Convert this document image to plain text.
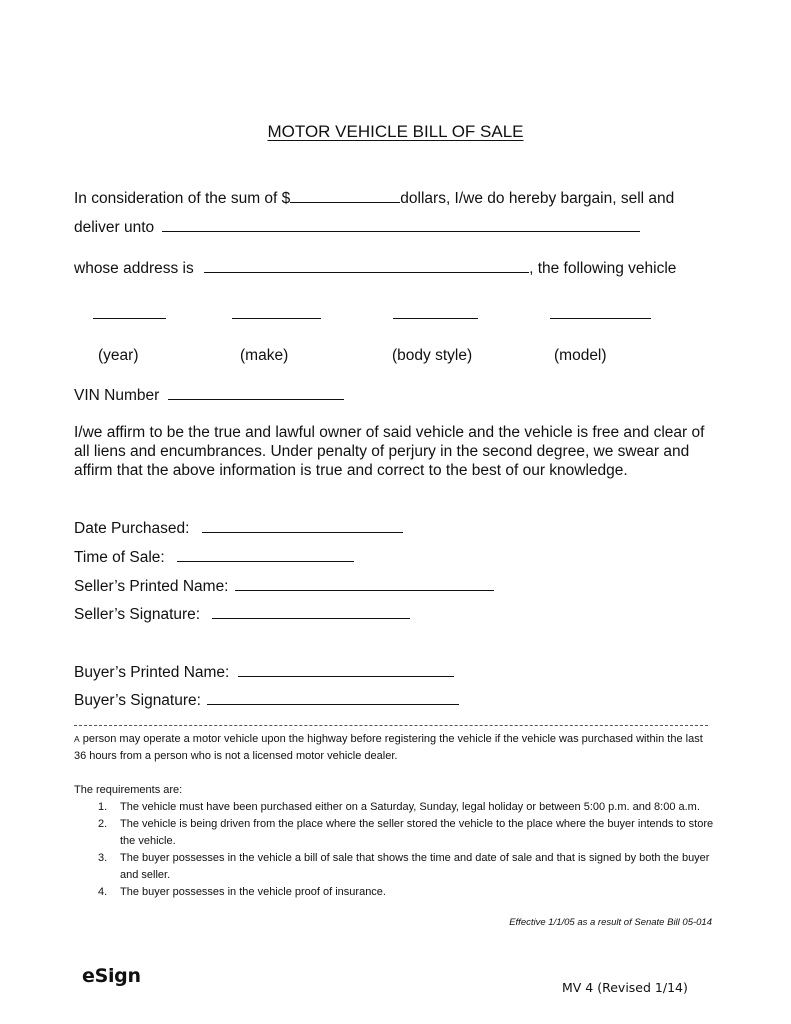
MOTOR VEHICLE BILL OF SALE
In consideration of the sum of $	dollars, I/we do hereby bargain, sell and
deliver unto
whose address is	, the following vehicle
(year)	(make)	(body style)	(model)
VIN Number
I/we affirm to be the true and lawful owner of said vehicle and the vehicle is free and clear of all liens and encumbrances. Under penalty of perjury in the second degree, we swear and affirm that the above information is true and correct to the best of our knowledge.
Date Purchased:
Time of Sale:
Seller’s Printed Name:
Seller’s Signature:
Buyer’s Printed Name:
Buyer’s Signature:
A person may operate a motor vehicle upon the highway before registering the vehicle if the vehicle was purchased within the last 36 hours from a person who is not a licensed motor vehicle dealer.
The requirements are:
1. The vehicle must have been purchased either on a Saturday, Sunday, legal holiday or between 5:00 p.m. and 8:00 a.m.
2. The vehicle is being driven from the place where the seller stored the vehicle to the place where the buyer intends to store the vehicle.
3. The buyer possesses in the vehicle a bill of sale that shows the time and date of sale and that is signed by both the buyer and seller.
4. The buyer possesses in the vehicle proof of insurance.
Effective 1/1/05 as a result of Senate Bill 05-014
eSign
MV 4 (Revised 1/14)
